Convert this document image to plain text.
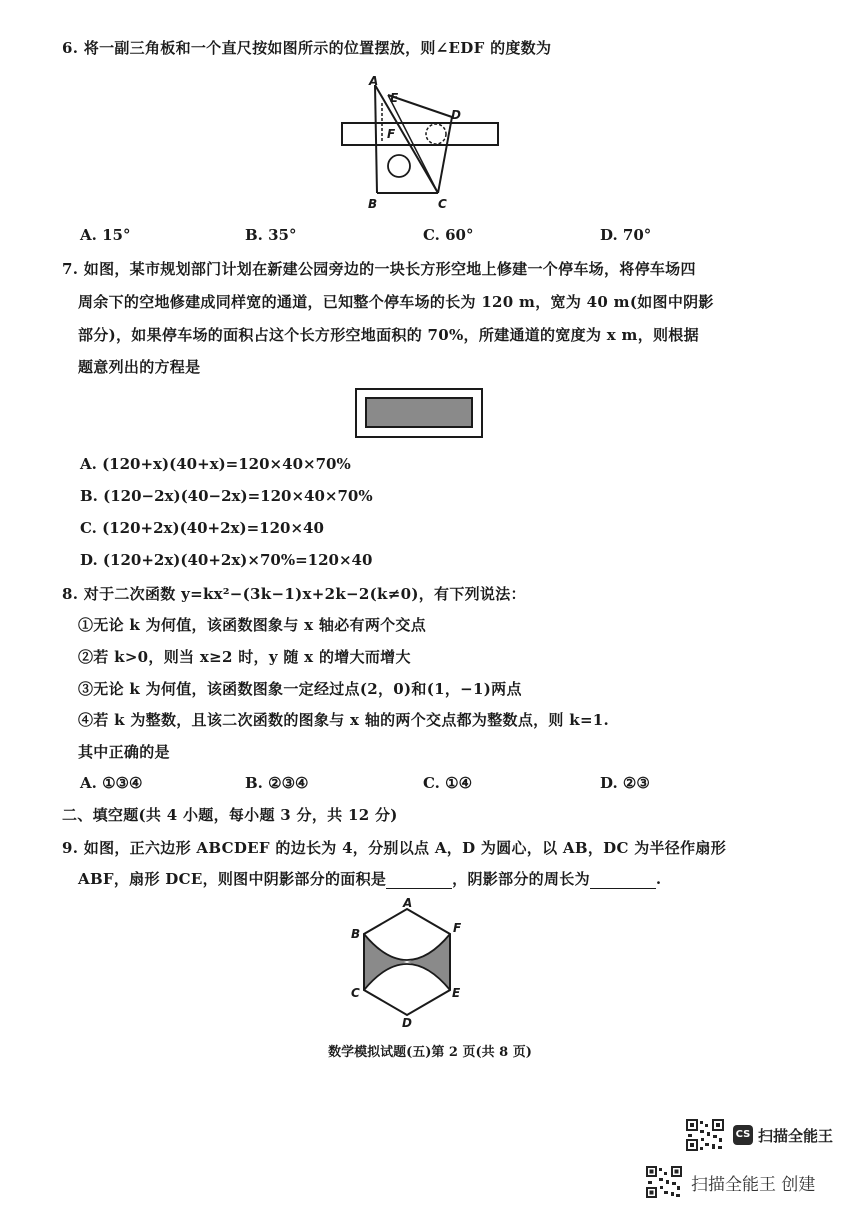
6. 将一副三角板和一个直尺按如图所示的位置摆放，则∠EDF 的度数为
A
E
D
F
B	C
A. 15°	B. 35°	C. 60°	D. 70°
7. 如图，某市规划部门计划在新建公园旁边的一块长方形空地上修建一个停车场，将停车场四
周余下的空地修建成同样宽的通道，已知整个停车场的长为 120 m，宽为 40 m(如图中阴影
部分)，如果停车场的面积占这个长方形空地面积的 70%，所建通道的宽度为 x m，则根据
题意列出的方程是
A. (120+x)(40+x)=120×40×70%
B. (120−2x)(40−2x)=120×40×70%
C. (120+2x)(40+2x)=120×40
D. (120+2x)(40+2x)×70%=120×40
8. 对于二次函数 y=kx²−(3k−1)x+2k−2(k≠0)，有下列说法：
①无论 k 为何值，该函数图象与 x 轴必有两个交点
②若 k>0，则当 x≥2 时，y 随 x 的增大而增大
③无论 k 为何值，该函数图象一定经过点(2，0)和(1，−1)两点
④若 k 为整数，且该二次函数的图象与 x 轴的两个交点都为整数点，则 k=1.
其中正确的是
A. ①③④	B. ②③④	C. ①④	D. ②③
二、填空题(共 4 小题，每小题 3 分，共 12 分)
9. 如图，正六边形 ABCDEF 的边长为 4，分别以点 A，D 为圆心，以 AB，DC 为半径作扇形
ABF，扇形 DCE，则图中阴影部分的面积是	，阴影部分的周长为	.
A
B	F
C	E
D
数学模拟试题(五)第 2 页(共 8 页)
CS 扫描全能王
扫描全能王 创建
